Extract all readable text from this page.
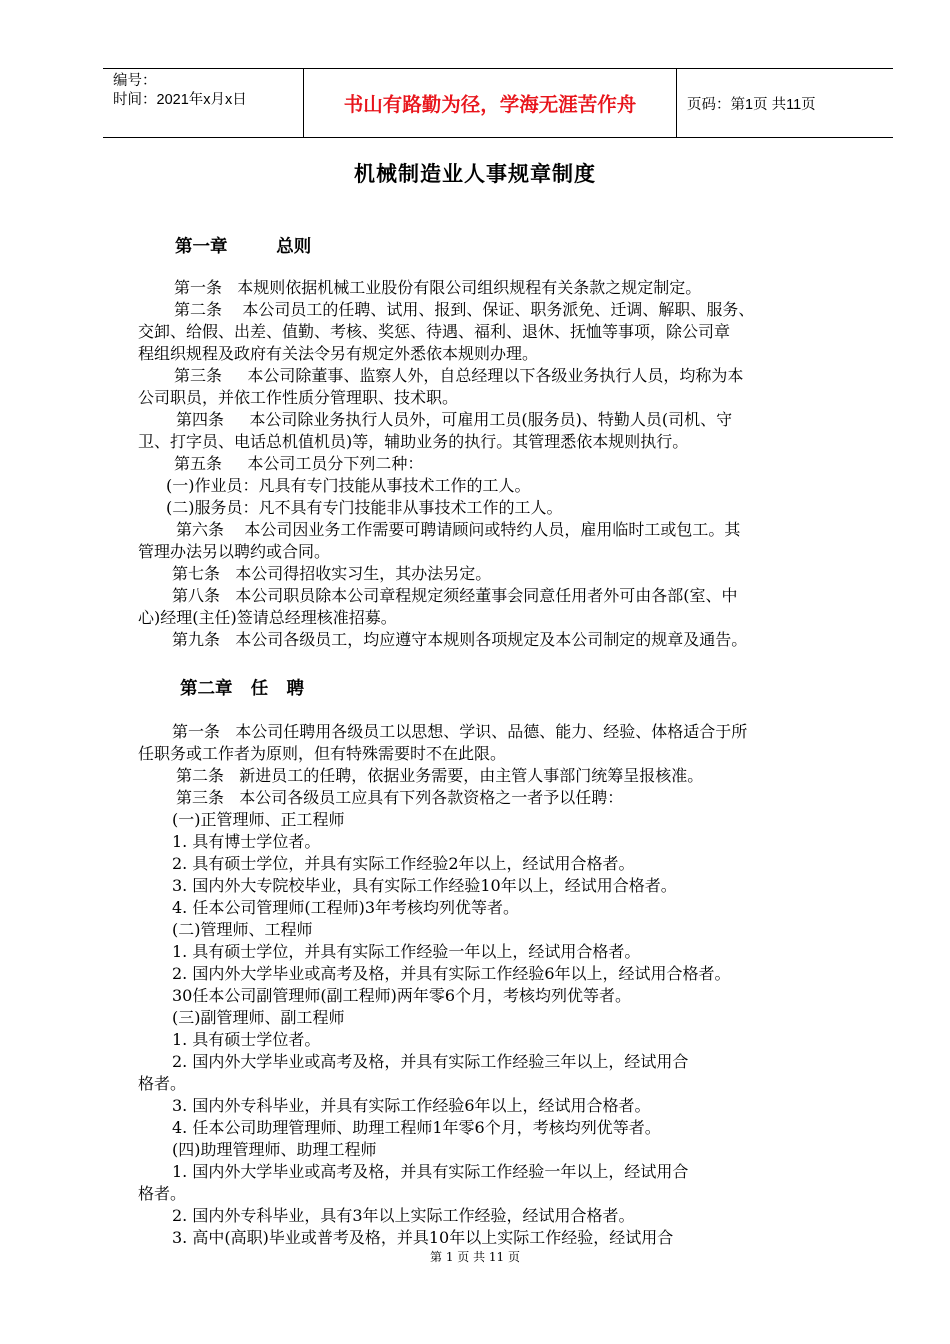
编号：
时间：2021年x月x日	书山有路勤为径，学海无涯苦作舟	页码：第1页 共11页
机械制造业人事规章制度
第一章        总则
第二章   任   聘
第一条   本规则依据机械工业股份有限公司组织规程有关条款之规定制定。
第二条    本公司员工的任聘、试用、报到、保证、职务派免、迁调、解职、服务、
交卸、给假、出差、值勤、考核、奖惩、待遇、福利、退休、抚恤等事项，除公司章
程组织规程及政府有关法令另有规定外悉依本规则办理。
第三条     本公司除董事、监察人外，自总经理以下各级业务执行人员，均称为本
公司职员，并依工作性质分管理职、技术职。
第四条     本公司除业务执行人员外，可雇用工员(服务员)、特勤人员(司机、守
卫、打字员、电话总机值机员)等，辅助业务的执行。其管理悉依本规则执行。
第五条     本公司工员分下列二种：
(一)作业员：凡具有专门技能从事技术工作的工人。
(二)服务员：凡不具有专门技能非从事技术工作的工人。
第六条    本公司因业务工作需要可聘请顾问或特约人员，雇用临时工或包工。其
管理办法另以聘约或合同。
第七条   本公司得招收实习生，其办法另定。
第八条   本公司职员除本公司章程规定须经董事会同意任用者外可由各部(室、中
心)经理(主任)签请总经理核准招募。
第九条   本公司各级员工，均应遵守本规则各项规定及本公司制定的规章及通告。
第一条   本公司任聘用各级员工以思想、学识、品德、能力、经验、体格适合于所
任职务或工作者为原则，但有特殊需要时不在此限。
第二条   新进员工的任聘，依据业务需要，由主管人事部门统筹呈报核准。
第三条   本公司各级员工应具有下列各款资格之一者予以任聘：
(一)正管理师、正工程师
1. 具有博士学位者。
2. 具有硕士学位，并具有实际工作经验2年以上，经试用合格者。
3. 国内外大专院校毕业，具有实际工作经验10年以上，经试用合格者。
4. 任本公司管理师(工程师)3年考核均列优等者。
(二)管理师、工程师
1. 具有硕士学位，并具有实际工作经验一年以上，经试用合格者。
2. 国内外大学毕业或高考及格，并具有实际工作经验6年以上，经试用合格者。
30任本公司副管理师(副工程师)两年零6个月，考核均列优等者。
(三)副管理师、副工程师
1. 具有硕士学位者。
2. 国内外大学毕业或高考及格，并具有实际工作经验三年以上，经试用合
格者。
3. 国内外专科毕业，并具有实际工作经验6年以上，经试用合格者。
4. 任本公司助理管理师、助理工程师1年零6个月，考核均列优等者。
(四)助理管理师、助理工程师
1. 国内外大学毕业或高考及格，并具有实际工作经验一年以上，经试用合
格者。
2. 国内外专科毕业，具有3年以上实际工作经验，经试用合格者。
3. 高中(高职)毕业或普考及格，并具10年以上实际工作经验，经试用合
第 1 页 共 11 页
